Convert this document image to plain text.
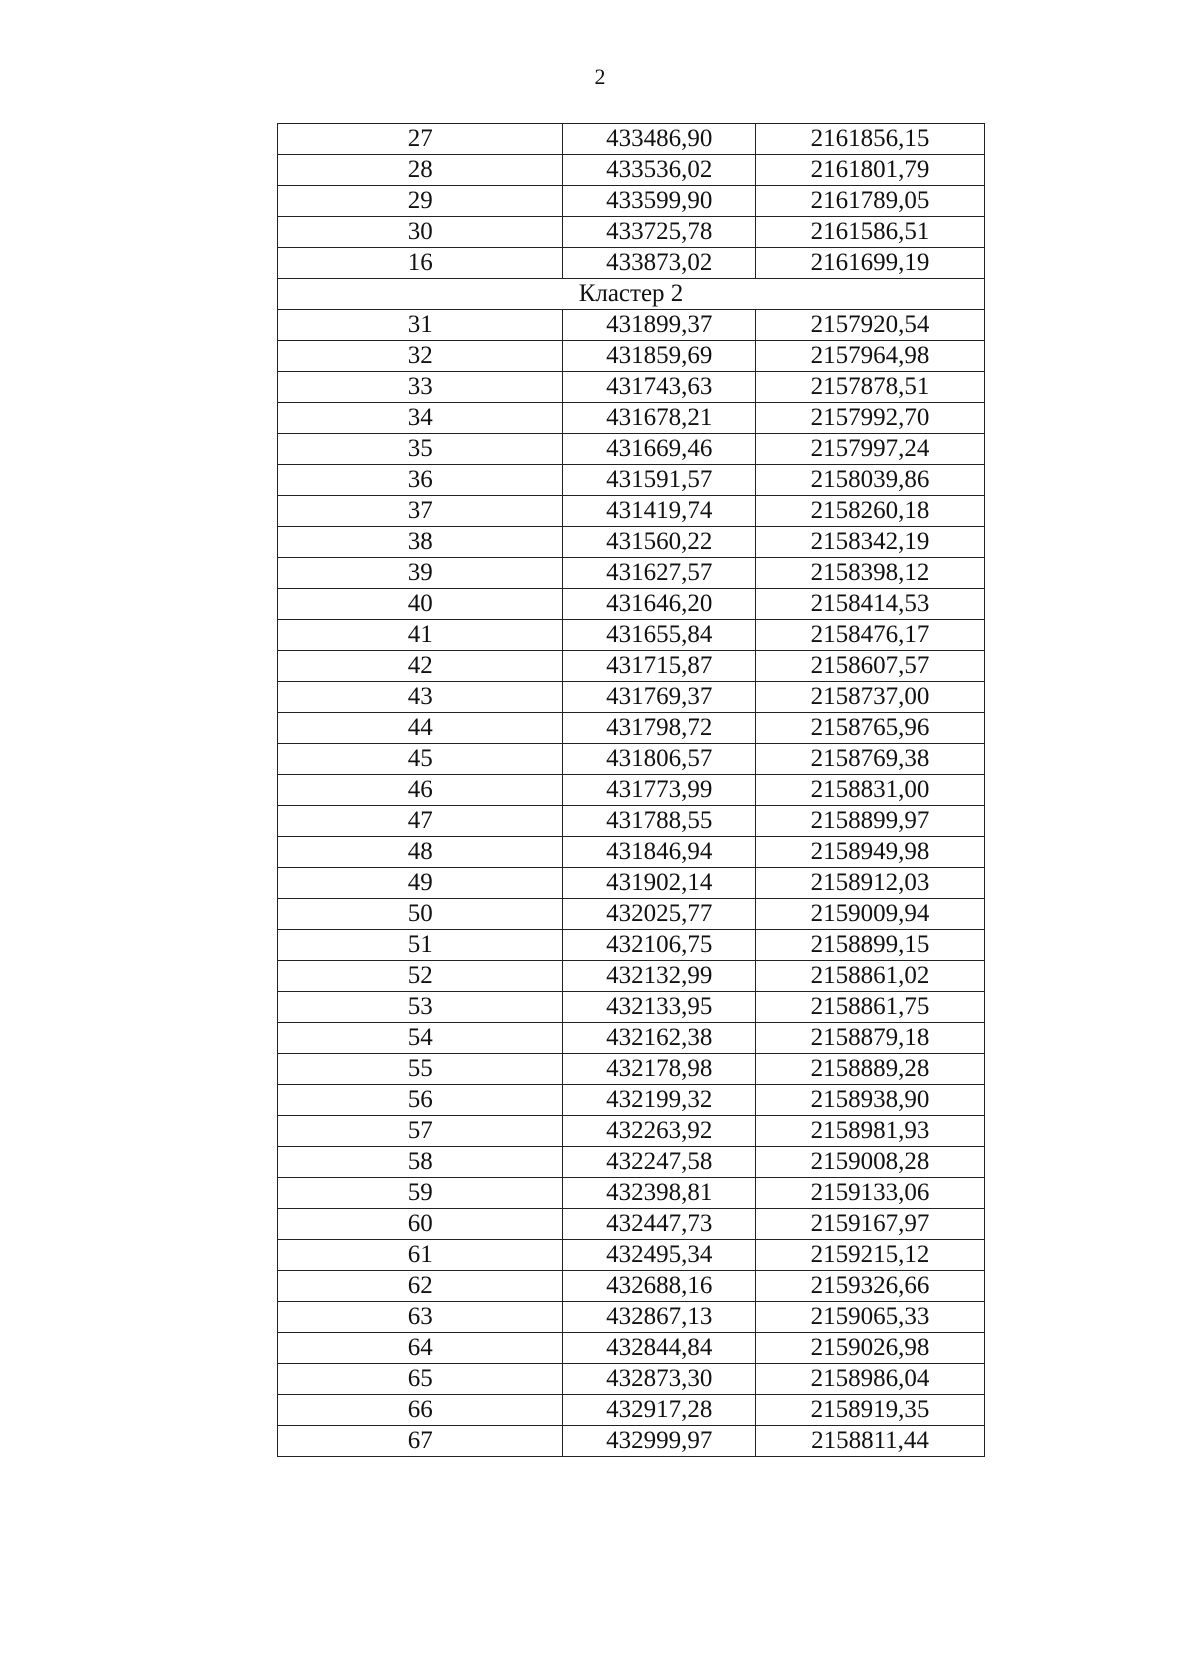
2
27	433486,90	2161856,15
28	433536,02	2161801,79
29	433599,90	2161789,05
30	433725,78	2161586,51
16	433873,02	2161699,19
Кластер 2		
31	431899,37	2157920,54
32	431859,69	2157964,98
33	431743,63	2157878,51
34	431678,21	2157992,70
35	431669,46	2157997,24
36	431591,57	2158039,86
37	431419,74	2158260,18
38	431560,22	2158342,19
39	431627,57	2158398,12
40	431646,20	2158414,53
41	431655,84	2158476,17
42	431715,87	2158607,57
43	431769,37	2158737,00
44	431798,72	2158765,96
45	431806,57	2158769,38
46	431773,99	2158831,00
47	431788,55	2158899,97
48	431846,94	2158949,98
49	431902,14	2158912,03
50	432025,77	2159009,94
51	432106,75	2158899,15
52	432132,99	2158861,02
53	432133,95	2158861,75
54	432162,38	2158879,18
55	432178,98	2158889,28
56	432199,32	2158938,90
57	432263,92	2158981,93
58	432247,58	2159008,28
59	432398,81	2159133,06
60	432447,73	2159167,97
61	432495,34	2159215,12
62	432688,16	2159326,66
63	432867,13	2159065,33
64	432844,84	2159026,98
65	432873,30	2158986,04
66	432917,28	2158919,35
67	432999,97	2158811,44
